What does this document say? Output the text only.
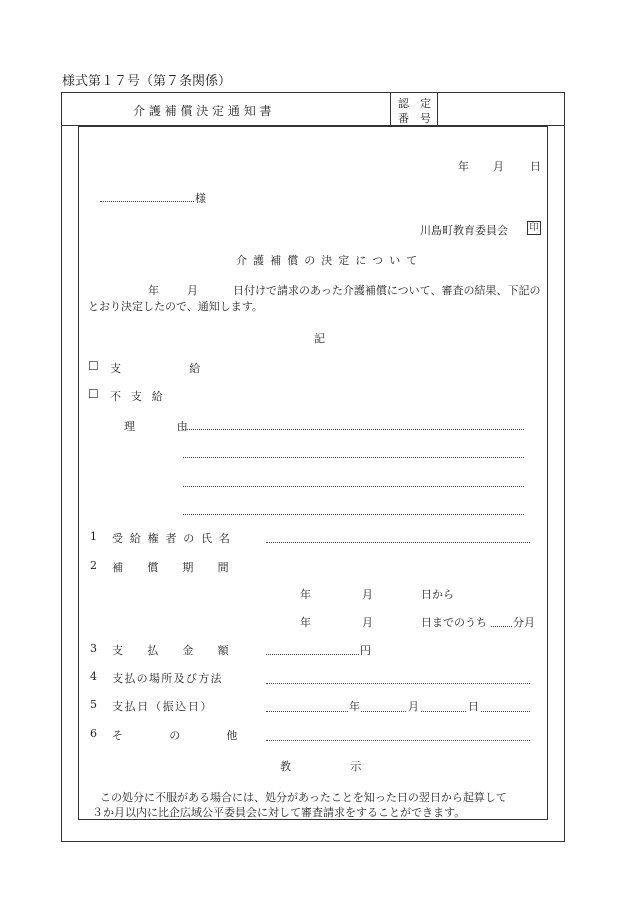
様式第１７号（第７条関係）
介 護 補 償 決 定 通 知 書
認　定
番　号
年 月 日
様
川島町教育委員会 印
介護補償の決定について
年	月	日付けで請求のあった介護補償について、審査の結果、下記の
とおり決定したので、通知します。
記
☐ 支　給
☐ 不支給
理　由
1 受給権者の氏名
2 補償期間
年	月	日から
年	月	日までのうち 分月
3 支払金額	円
4 支払の場所及び方法
5 支払日（振込日）	年	月	日
6 その他
教　示
この処分に不服がある場合には、処分があったことを知った日の翌日から起算して
３か月以内に比企広域公平委員会に対して審査請求をすることができます。
